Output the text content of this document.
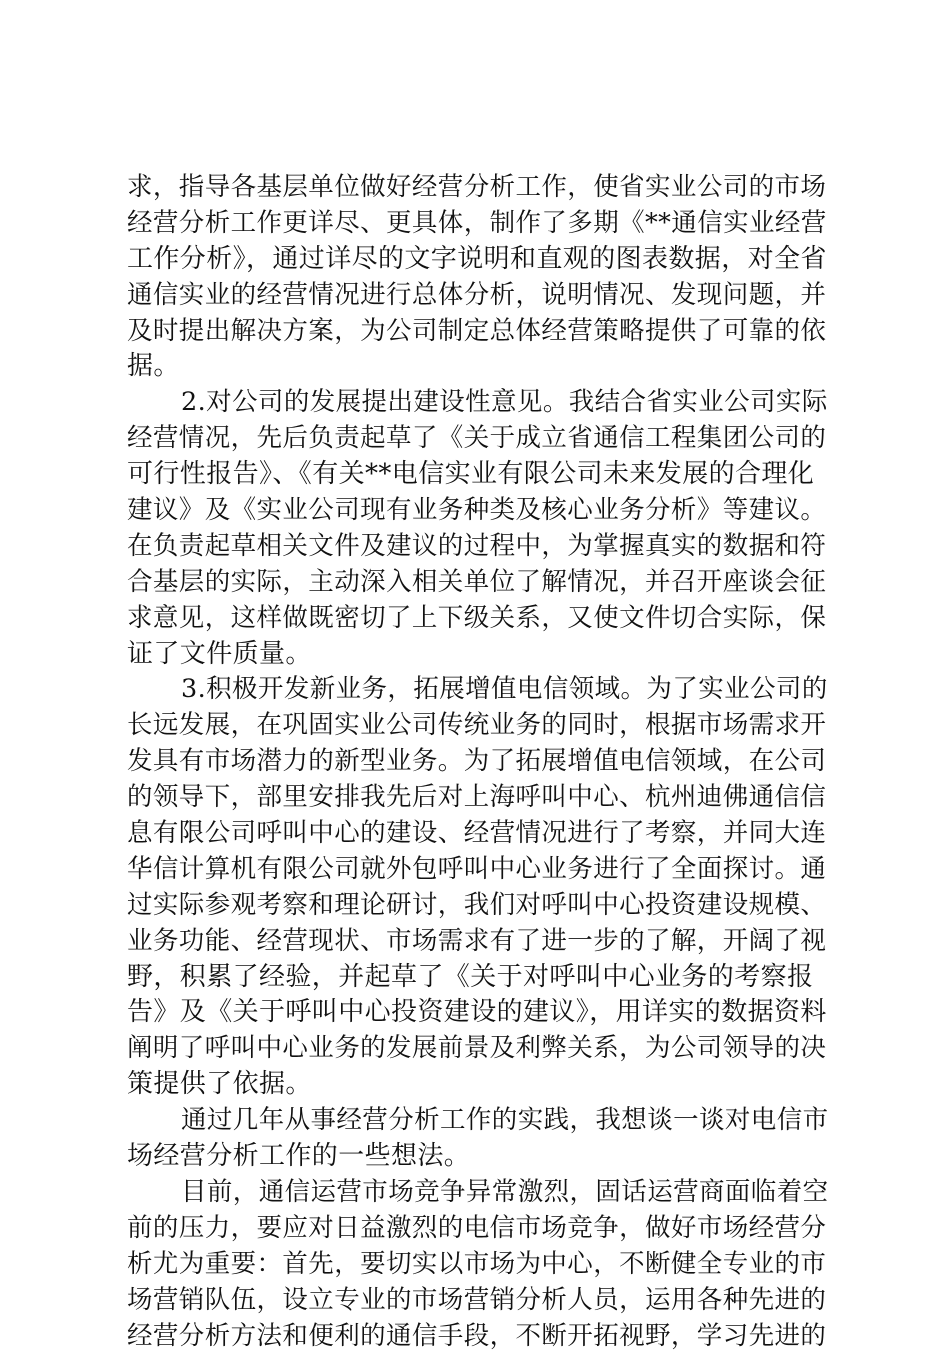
求，指导各基层单位做好经营分析工作，使省实业公司的市场
经营分析工作更详尽、更具体，制作了多期《**通信实业经营
工作分析》，通过详尽的文字说明和直观的图表数据，对全省
通信实业的经营情况进行总体分析，说明情况、发现问题，并
及时提出解决方案，为公司制定总体经营策略提供了可靠的依
据。
2.对公司的发展提出建设性意见。我结合省实业公司实际
经营情况，先后负责起草了《关于成立省通信工程集团公司的
可行性报告》、《有关**电信实业有限公司未来发展的合理化
建议》及《实业公司现有业务种类及核心业务分析》等建议。
在负责起草相关文件及建议的过程中，为掌握真实的数据和符
合基层的实际，主动深入相关单位了解情况，并召开座谈会征
求意见，这样做既密切了上下级关系，又使文件切合实际，保
证了文件质量。
3.积极开发新业务，拓展增值电信领域。为了实业公司的
长远发展，在巩固实业公司传统业务的同时，根据市场需求开
发具有市场潜力的新型业务。为了拓展增值电信领域，在公司
的领导下，部里安排我先后对上海呼叫中心、杭州迪佛通信信
息有限公司呼叫中心的建设、经营情况进行了考察，并同大连
华信计算机有限公司就外包呼叫中心业务进行了全面探讨。通
过实际参观考察和理论研讨，我们对呼叫中心投资建设规模、
业务功能、经营现状、市场需求有了进一步的了解，开阔了视
野，积累了经验，并起草了《关于对呼叫中心业务的考察报
告》及《关于呼叫中心投资建设的建议》，用详实的数据资料
阐明了呼叫中心业务的发展前景及利弊关系，为公司领导的决
策提供了依据。
通过几年从事经营分析工作的实践，我想谈一谈对电信市
场经营分析工作的一些想法。
目前，通信运营市场竞争异常激烈，固话运营商面临着空
前的压力，要应对日益激烈的电信市场竞争，做好市场经营分
析尤为重要：首先，要切实以市场为中心，不断健全专业的市
场营销队伍，设立专业的市场营销分析人员，运用各种先进的
经营分析方法和便利的通信手段，不断开拓视野，学习先进的
